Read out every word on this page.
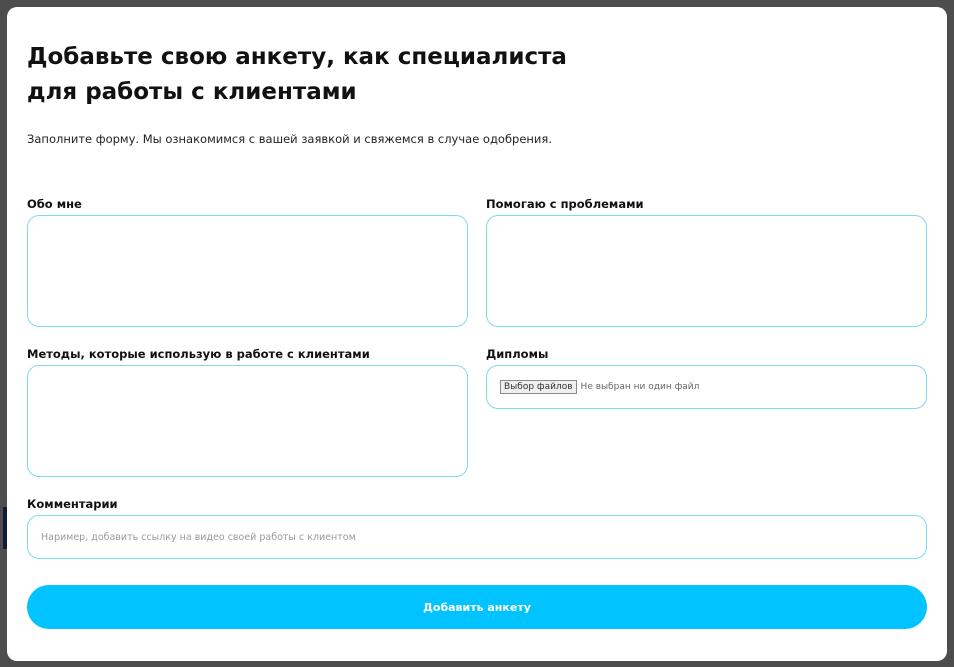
Добавьте свою анкету, как специалиста
для работы с клиентами

Заполните форму. Мы ознакомимся с вашей заявкой и свяжемся в случае одобрения.

Обо мне	Помогаю с проблемами
Методы, которые использую в работе с клиентами	Дипломы
Выбор файлов Не выбран ни один файл
Комментарии
Наример, добавить ссылку на видео своей работы с клиентом
Добавить анкету
